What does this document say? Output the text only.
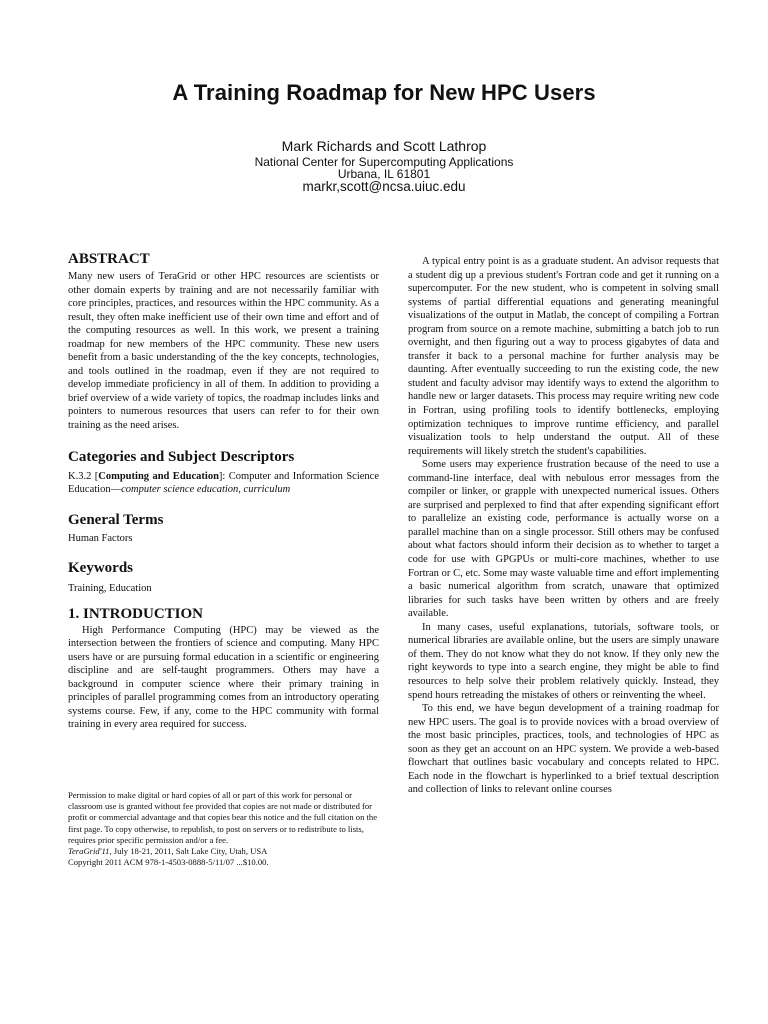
A Training Roadmap for New HPC Users
Mark Richards and Scott Lathrop
National Center for Supercomputing Applications
Urbana, IL 61801
markr,scott@ncsa.uiuc.edu
ABSTRACT

Many new users of TeraGrid or other HPC resources are scientists or other domain experts by training and are not necessarily familiar with core principles, practices, and resources within the HPC community. As a result, they often make inefficient use of their own time and effort and of the computing resources as well. In this work, we present a training roadmap for new members of the HPC community. These new users benefit from a basic understanding of the the key concepts, technologies, and tools outlined in the roadmap, even if they are not required to develop immediate proficiency in all of them. In addition to providing a brief overview of a wide variety of topics, the roadmap includes links and pointers to numerous resources that users can refer to for their own training as the need arises.

Categories and Subject Descriptors

K.3.2 [Computing and Education]: Computer and Information Science Education—computer science education, curriculum

General Terms

Human Factors

Keywords

Training, Education

1. INTRODUCTION

High Performance Computing (HPC) may be viewed as the intersection between the frontiers of science and computing. Many HPC users have or are pursuing formal education in a scientific or engineering discipline and are self-taught programmers. Others may have a background in computer science where their primary training in principles of parallel programming comes from an introductory operating systems course. Few, if any, come to the HPC community with formal training in every area required for success.

Permission to make digital or hard copies of all or part of this work for personal or classroom use is granted without fee provided that copies are not made or distributed for profit or commercial advantage and that copies bear this notice and the full citation on the first page. To copy otherwise, to republish, to post on servers or to redistribute to lists, requires prior specific permission and/or a fee.
TeraGrid'11, July 18-21, 2011, Salt Lake City, Utah, USA
Copyright 2011 ACM 978-1-4503-0888-5/11/07 ...$10.00.

A typical entry point is as a graduate student. An advisor requests that a student dig up a previous student's Fortran code and get it running on a supercomputer. For the new student, who is competent in solving small systems of partial differential equations and generating meaningful visualizations of the output in Matlab, the concept of compiling a Fortran program from source on a remote machine, submitting a batch job to run overnight, and then figuring out a way to process gigabytes of data and transfer it back to a personal machine for further analysis may be daunting. After eventually succeeding to run the existing code, the new student and faculty advisor may identify ways to extend the algorithm to handle new or larger datasets. This process may require writing new code in Fortran, using profiling tools to identify bottlenecks, employing optimization techniques to improve runtime efficiency, and parallel visualization tools to help understand the output. All of these requirements will likely stretch the student's capabilities.

Some users may experience frustration because of the need to use a command-line interface, deal with nebulous error messages from the compiler or linker, or grapple with unexpected numerical issues. Others are surprised and perplexed to find that after expending significant effort to parallelize an existing code, performance is actually worse on a parallel machine than on a single processor. Still others may be confused about what factors should inform their decision as to whether to target a code for use with GPGPUs or multi-core machines, whether to use Fortran or C, etc. Some may waste valuable time and effort implementing a basic numerical algorithm from scratch, unaware that optimized libraries for such tasks have been written by others and are freely available.

In many cases, useful explanations, tutorials, software tools, or numerical libraries are available online, but the users are simply unaware of them. They do not know what they do not know. If they only new the right keywords to type into a search engine, they might be able to find resources to help solve their problem relatively quickly. Instead, they spend hours retreading the mistakes of others or reinventing the wheel.

To this end, we have begun development of a training roadmap for new HPC users. The goal is to provide novices with a broad overview of the most basic principles, practices, tools, and technologies of HPC as soon as they get an account on an HPC system. We provide a web-based flowchart that outlines basic vocabulary and concepts related to HPC. Each node in the flowchart is hyperlinked to a brief textual description and collection of links to relevant online courses
